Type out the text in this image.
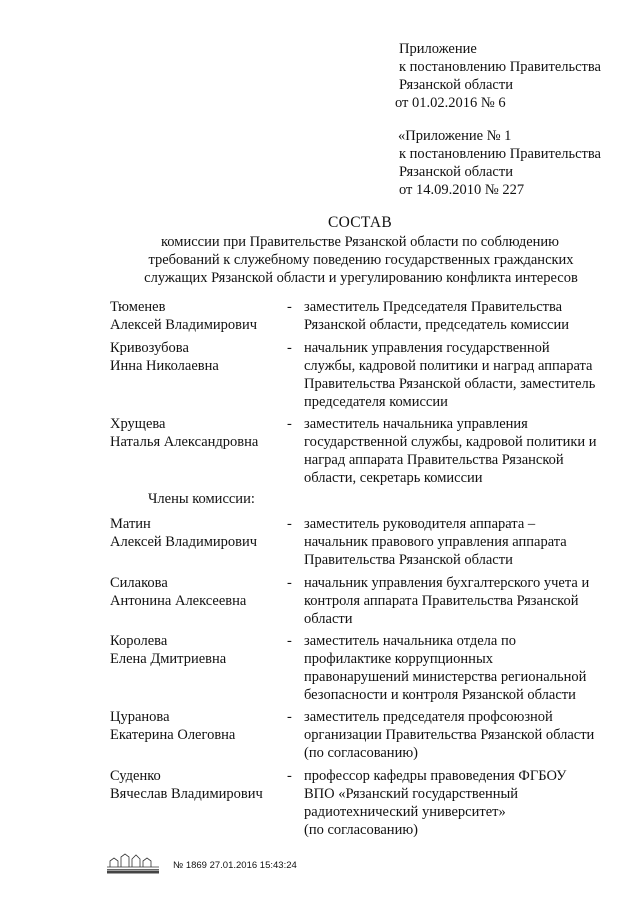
Приложение
к постановлению Правительства
Рязанской области
от 01.02.2016 № 6
«Приложение № 1
к постановлению Правительства
Рязанской области
от 14.09.2010 № 227
СОСТАВ
комиссии при Правительстве Рязанской области по соблюдению
требований к служебному поведению государственных гражданских
служащих Рязанской области и урегулированию конфликта интересов
Тюменев
Алексей Владимирович
- заместитель Председателя Правительства
Рязанской области, председатель комиссии
Кривозубова
Инна Николаевна
- начальник управления государственной
службы, кадровой политики и наград аппарата
Правительства Рязанской области, заместитель
председателя комиссии
Хрущева
Наталья Александровна
- заместитель начальника управления
государственной службы, кадровой политики и
наград аппарата Правительства Рязанской
области, секретарь комиссии
Члены комиссии:
Матин
Алексей Владимирович
- заместитель руководителя аппарата –
начальник правового управления аппарата
Правительства Рязанской области
Силакова
Антонина Алексеевна
- начальник управления бухгалтерского учета и
контроля аппарата Правительства Рязанской
области
Королева
Елена Дмитриевна
- заместитель начальника отдела по
профилактике коррупционных
правонарушений министерства региональной
безопасности и контроля Рязанской области
Цуранова
Екатерина Олеговна
- заместитель председателя профсоюзной
организации Правительства Рязанской области
(по согласованию)
Суденко
Вячеслав Владимирович
- профессор кафедры правоведения ФГБОУ
ВПО «Рязанский государственный
радиотехнический университет»
(по согласованию)
№ 1869 27.01.2016 15:43:24
